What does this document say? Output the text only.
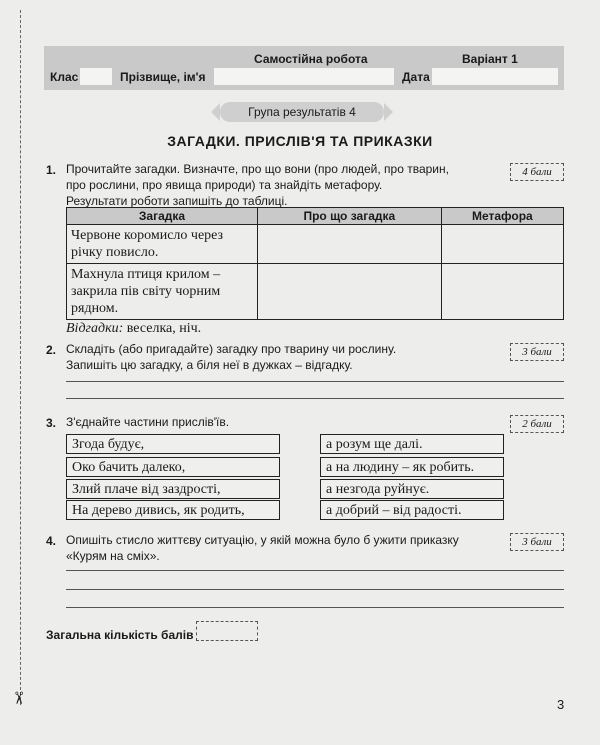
✂
Самостійна робота	Варіант 1
Клас	Прізвище, ім'я	Дата
Група результатів 4
ЗАГАДКИ. ПРИСЛІВ'Я ТА ПРИКАЗКИ
1. Прочитайте загадки. Визначте, про що вони (про людей, про тварин,
про рослини, про явища природи) та знайдіть метафору.
Результати роботи запишіть до таблиці.
4 бали
Загадка	Про що загадка	Метафора

Червоне коромисло через
річку повисло.		

Махнула птиця крилом –
закрила пів світу чорним
рядном.		

Відгадки: веселка, ніч.
2. Складіть (або пригадайте) загадку про тварину чи рослину.
Запишіть цю загадку, а біля неї в дужках – відгадку.
3 бали
3. З'єднайте частини прислів'їв.	2 бали
Згода будує,
Око бачить далеко,
Злий плаче від заздрості,
На дерево дивись, як родить,
а розум ще далі.
а на людину – як робить.
а незгода руйнує.
а добрий – від радості.
4. Опишіть стисло життєву ситуацію, у якій можна було б ужити приказку
«Курям на сміх».
3 бали
Загальна кількість балів
3
